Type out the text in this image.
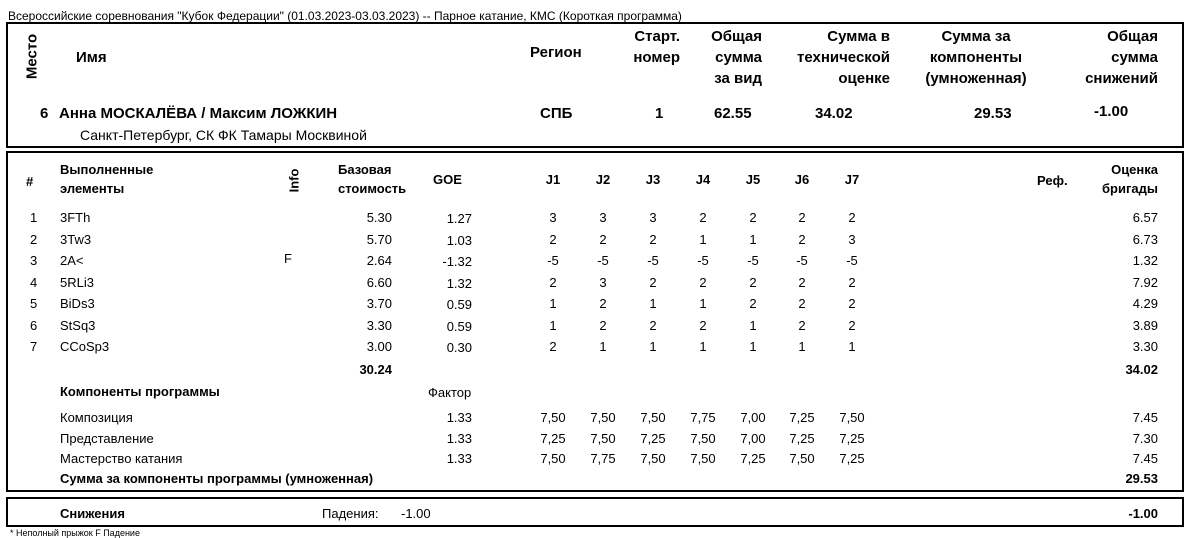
Всероссийские соревнования "Кубок Федерации" (01.03.2023-03.03.2023) -- Парное катание, КМС (Короткая программа)
Место Имя	Регион
Старт.
номер
Общая
сумма
за вид
Сумма в
технической
оценке
Сумма за
компоненты
(умноженная)
Общая
сумма
снижений
6 Анна МОСКАЛЁВА / Максим ЛОЖКИН
Санкт-Петербург, СК ФК Тамары Москвиной
СПБ	1	62.55	34.02	29.53	-1.00
#
Выполненные
элементы	Info	Базовая
стоимость
GOE	J1	J2	J3	J4	J5	J6	J7	Реф.
Оценка
бригады
1 3FTh	5.30	1.27	3	3	3	2	2	2	2	6.57
2 3Tw3	5.70	1.03	2	2	2	1	1	2	3	6.73
3 2A<	F	2.64	-1.32	-5	-5	-5	-5	-5	-5	-5	1.32
4 5RLi3	6.60	1.32	2	3	2	2	2	2	2	7.92
5 BiDs3	3.70	0.59	1	2	1	1	2	2	2	4.29
6 StSq3	3.30	0.59	1	2	2	2	1	2	2	3.89
7 CCoSp3	3.00	0.30	2	1	1	1	1	1	1	3.30
30.24	34.02
Компоненты программы	Фактор
Композиция	1.33	7,50	7,50	7,50	7,75	7,00	7,25	7,50	7.45
Представление	1.33	7,25	7,50	7,25	7,50	7,00	7,25	7,25	7.30
Мастерство катания	1.33	7,50	7,75	7,50	7,50	7,25	7,50	7,25	7.45
Сумма за компоненты программы (умноженная)	29.53
Снижения	Падения: -1.00	-1.00
* Неполный прыжок F Падение
